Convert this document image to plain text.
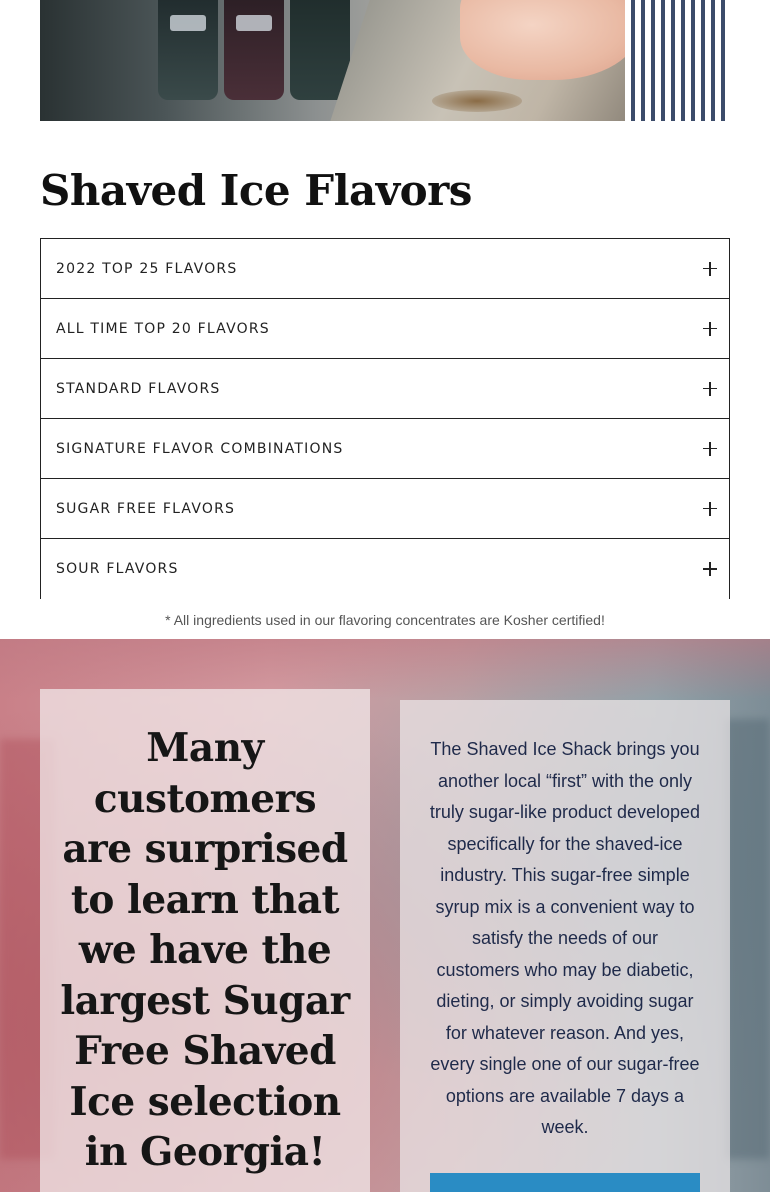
Shaved Ice Flavors
2022 TOP 25 FLAVORS
ALL TIME TOP 20 FLAVORS
STANDARD FLAVORS
SIGNATURE FLAVOR COMBINATIONS
SUGAR FREE FLAVORS
SOUR FLAVORS
* All ingredients used in our flavoring concentrates are Kosher certified!
Many customers are surprised to learn that we have the largest Sugar Free Shaved Ice selection in Georgia!

The Shaved Ice Shack brings you another local “first” with the only truly sugar-like product developed specifically for the shaved-ice industry. This sugar-free simple syrup mix is a convenient way to satisfy the needs of our customers who may be diabetic, dieting, or simply avoiding sugar for whatever reason. And yes, every single one of our sugar-free options are available 7 days a week.
